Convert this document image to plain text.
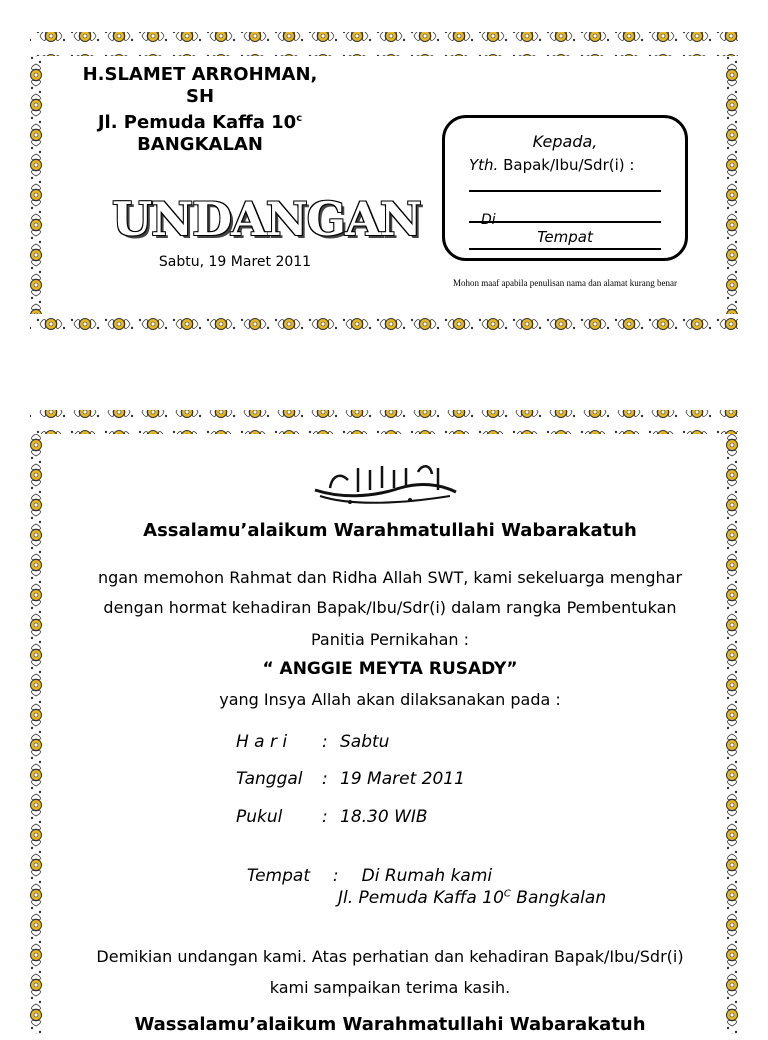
H.SLAMET ARROHMAN,
SH
Jl. Pemuda Kaffa 10$^c$
BANGKALAN
UNDANGAN
Sabtu, 19 Maret 2011
Kepada,
Yth. Bapak/Ibu/Sdr(i) :
Di
Tempat
Mohon maaf apabila penulisan nama dan alamat kurang benar
Assalamu’alaikum Warahmatullahi Wabarakatuh
ngan memohon Rahmat dan Ridha Allah SWT, kami sekeluarga menghar
dengan hormat kehadiran Bapak/Ibu/Sdr(i) dalam rangka Pembentukan
Panitia Pernikahan :
“ ANGGIE MEYTA RUSADY”
yang Insya Allah akan dilaksanakan pada :
H a r i : Sabtu
Tanggal : 19 Maret 2011
Pukul : 18.30 WIB

Tempat :  Di Rumah kami

Jl. Pemuda Kaffa $10^C$ Bangkalan
Demikian undangan kami. Atas perhatian dan kehadiran Bapak/Ibu/Sdr(i)
kami sampaikan terima kasih.
Wassalamu’alaikum Warahmatullahi Wabarakatuh
